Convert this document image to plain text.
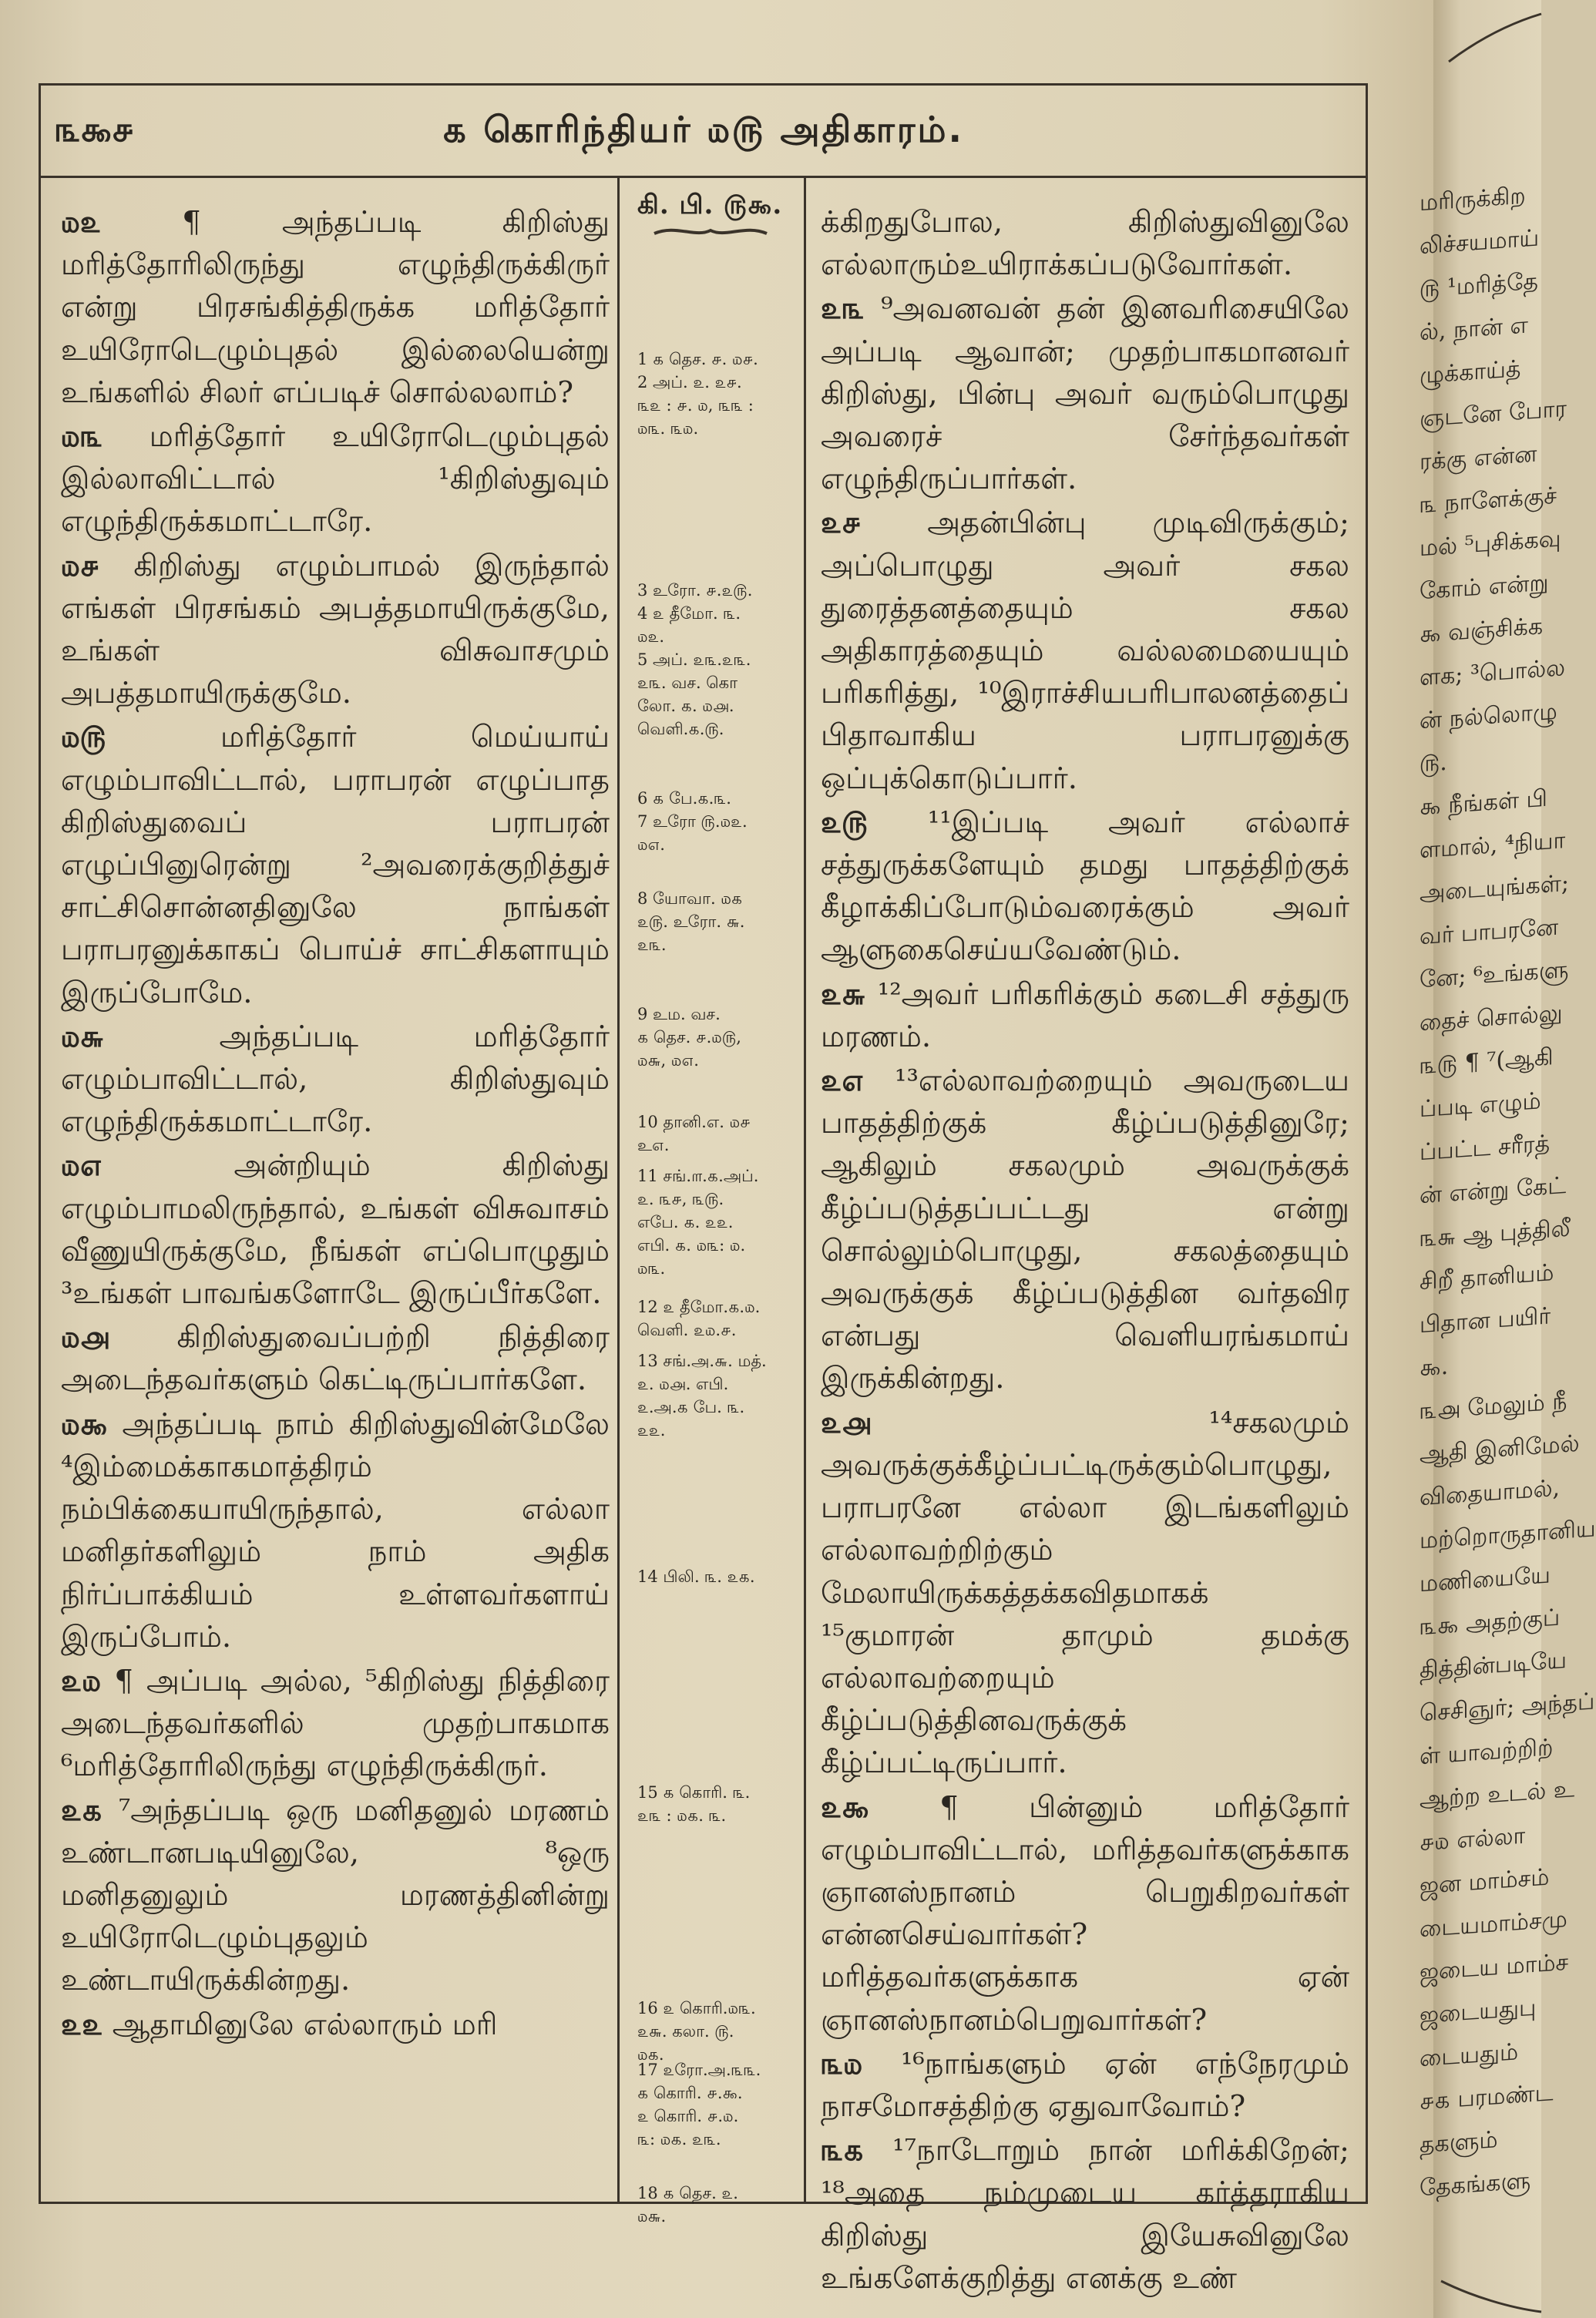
௩௯௪	௧ கொரிந்தியர் ௰௫ அதிகாரம்.

௰௨ ¶ அந்தப்படி கிறிஸ்து மரித்தோரிலிருந்து எழுந்திருக்கிருர் என்று பிரசங்கித்திருக்க மரித்தோர் உயிரோடெழும்புதல் இல்லையென்று உங்களில் சிலர் எப்படிச் சொல்லலாம்?

௰௩ மரித்தோர் உயிரோடெழும்புதல் இல்லாவிட்டால் ¹கிறிஸ்துவும் எழுந்திருக்கமாட்டாரே.

௰௪ கிறிஸ்து எழும்பாமல் இருந்தால் எங்கள் பிரசங்கம் அபத்தமாயிருக்குமே, உங்கள் விசுவாசமும் அபத்தமாயிருக்குமே.

௰௫ மரித்தோர் மெய்யாய் எழும்பாவிட்டால், பராபரன் எழுப்பாத கிறிஸ்துவைப் பராபரன் எழுப்பினுரென்று ²அவரைக்குறித்துச் சாட்சிசொன்னதினுலே நாங்கள் பராபரனுக்காகப் பொய்ச் சாட்சிகளாயும் இருப்போமே.

௰௬ அந்தப்படி மரித்தோர் எழும்பாவிட்டால், கிறிஸ்துவும் எழுந்திருக்கமாட்டாரே.

௰௭ அன்றியும் கிறிஸ்து எழும்பாமலிருந்தால், உங்கள் விசுவாசம் வீணுயிருக்குமே, நீங்கள் எப்பொழுதும் ³உங்கள் பாவங்களோடே இருப்பீர்களே.

௰௮ கிறிஸ்துவைப்பற்றி நித்திரை அடைந்தவர்களும் கெட்டிருப்பார்களே.

௰௯ அந்தப்படி நாம் கிறிஸ்துவின்மேலே ⁴இம்மைக்காகமாத்திரம் நம்பிக்கையாயிருந்தால், எல்லா மனிதர்களிலும் நாம் அதிக நிர்ப்பாக்கியம் உள்ளவர்களாய் இருப்போம்.

௨௰ ¶ அப்படி அல்ல, ⁵கிறிஸ்து நித்திரை அடைந்தவர்களில் முதற்பாகமாக ⁶மரித்தோரிலிருந்து எழுந்திருக்கிருர்.

௨௧ ⁷அந்தப்படி ஒரு மனிதனுல் மரணம் உண்டானபடியினுலே, ⁸ஒரு மனிதனுலும் மரணத்தினின்று உயிரோடெழும்புதலும் உண்டாயிருக்கின்றது.

௨௨ ஆதாமினுலே எல்லாரும் மரி

கி. பி. ௫௯.
1 ௧ தெச. ௪. ௰௪.
2 அப். ௨. ௨௪.
௩௨ : ௪. ௰, ௩௩ :
௰௩. ௩௰.
3 உரோ. ௪.௨௫.
4 ௨ தீமோ. ௩.
௰௨.
5 அப். ௨௩.௨௩.
௨௩. வச. கொ
லோ. ௧. ௰௮.
வெளி.௧.௫.
6 ௧ பே.௧.௩.
7 உரோ ௫.௰௨.
௰௭.
8 யோவா. ௰௧
௨௫. உரோ. ௬.
௨௩.
9 உம. வச.
௧ தெச. ௪.௰௫,
௰௬, ௰௭.
10 தானி.எ. ௰௪
உ௭.
11 சங்.௱.௧.அப்.
௨. ௩௪, ௩௫.
எபே. ௧. ௨௨.
எபி. ௧. ௰௩: ௰.
௰௩.
12 ௨ தீமோ.௧.௰.
வெளி. ௨௰.௪.
13 சங்.அ.௬. மத்.
௨. ௰௮. எபி.
௨.அ.௧ பே. ௩.
௨௨.
14 பிலி. ௩. ௨௧.
15 ௧ கொரி. ௩.
௨௩ : ௰௧. ௩.
16 ௨ கொரி.௰௩.
௨௬. கலா. ௫.
௰௧.
17 ௨ரோ.அ.௩௩.
௧ கொரி. ௪.௯.
௨ கொரி. ௪.௰.
௩: ௰௧. ௨௩.
18 ௧ தெச. ௨.
௰௬.

க்கிறதுபோல, கிறிஸ்துவினுலே எல்லாரும்உயிராக்கப்படுவோர்கள்.

௨௩ ⁹அவனவன் தன் இனவரிசையிலே அப்படி ஆவான்; முதற்பாகமானவர் கிறிஸ்து, பின்பு அவர் வரும்பொழுது அவரைச் சேர்ந்தவர்கள் எழுந்திருப்பார்கள்.

௨௪ அதன்பின்பு முடிவிருக்கும்; அப்பொழுது அவர் சகல துரைத்தனத்தையும் சகல அதிகாரத்தையும் வல்லமையையும் பரிகரித்து, ¹⁰இராச்சியபரிபாலனத்தைப் பிதாவாகிய பராபரனுக்கு ஒப்புக்கொடுப்பார்.

௨௫ ¹¹இப்படி அவர் எல்லாச் சத்துருக்களேயும் தமது பாதத்திற்குக் கீழாக்கிப்போடும்வரைக்கும் அவர் ஆளுகைசெய்யவேண்டும்.

௨௬ ¹²அவர் பரிகரிக்கும் கடைசி சத்துரு மரணம்.

௨௭ ¹³எல்லாவற்றையும் அவருடைய பாதத்திற்குக் கீழ்ப்படுத்தினுரே; ஆகிலும் சகலமும் அவருக்குக் கீழ்ப்படுத்தப்பட்டது என்று சொல்லும்பொழுது, சகலத்தையும் அவருக்குக் கீழ்ப்படுத்தின வர்தவிர என்பது வெளியரங்கமாய் இருக்கின்றது.

௨௮ ¹⁴சகலமும் அவருக்குக்கீழ்ப்பட்டிருக்கும்பொழுது, பராபரனே எல்லா இடங்களிலும் எல்லாவற்றிற்கும் மேலாயிருக்கத்தக்கவிதமாகக் ¹⁵குமாரன் தாமும் தமக்கு எல்லாவற்றையும் கீழ்ப்படுத்தினவருக்குக் கீழ்ப்பட்டிருப்பார்.

௨௯ ¶ பின்னும் மரித்தோர் எழும்பாவிட்டால், மரித்தவர்களுக்காக ஞானஸ்நானம் பெறுகிறவர்கள் என்னசெய்வார்கள்? மரித்தவர்களுக்காக ஏன் ஞானஸ்நானம்பெறுவார்கள்?

௩௰ ¹⁶நாங்களும் ஏன் எந்நேரமும் நாசமோசத்திற்கு ஏதுவாவோம்?

௩௧ ¹⁷நாடோறும் நான் மரிக்கிறேன்; ¹⁸அதை நம்முடைய கர்த்தராகிய கிறிஸ்து இயேசுவினுலே உங்களேக்குறித்து எனக்கு உண்

மரிருக்கிற
லிச்சயமாய்
௫ ¹மரித்தே
ல், நான் எ
ழுக்காய்த்
ஞடனே போர
ரக்கு என்ன
௩ நாளேக்குச்
மல் ⁵புசிக்கவு
கோம் என்று
௯ வஞ்சிக்க
ளக; ³பொல்ல
ன் நல்லொழு
௫.
௯ நீங்கள் பி
ளமால், ⁴நியா
அடையுங்கள்;
வர் பாபரனே
னே; ⁶உங்களு
தைச் சொல்லு
௩௫ ¶ ⁷(ஆகி
ப்படி எழும்
ப்பட்ட சரீரத்
ன் என்று கேட்
௩௬ ஆ புத்திலீ
சிறீ தானியம்
பிதான பயிர்
௯.
௩௮ மேலும் நீ
ஆதி இனிமேல்
விதையாமல்,
மற்றொருதானிய
மணியையே
௩௯ அதற்குப்
தித்தின்படியே
செசிஞுர்; அந்தப்
ள் யாவற்றிற்
ஆற்ற உடல் உ
௪௰ எல்லா
ஜன மாம்சம்
டையமாம்சமு
ஜடைய மாம்ச
ஜடையதுபு
டையதும்
௪௧ பரமண்ட
தகளும்
தேகங்களு
